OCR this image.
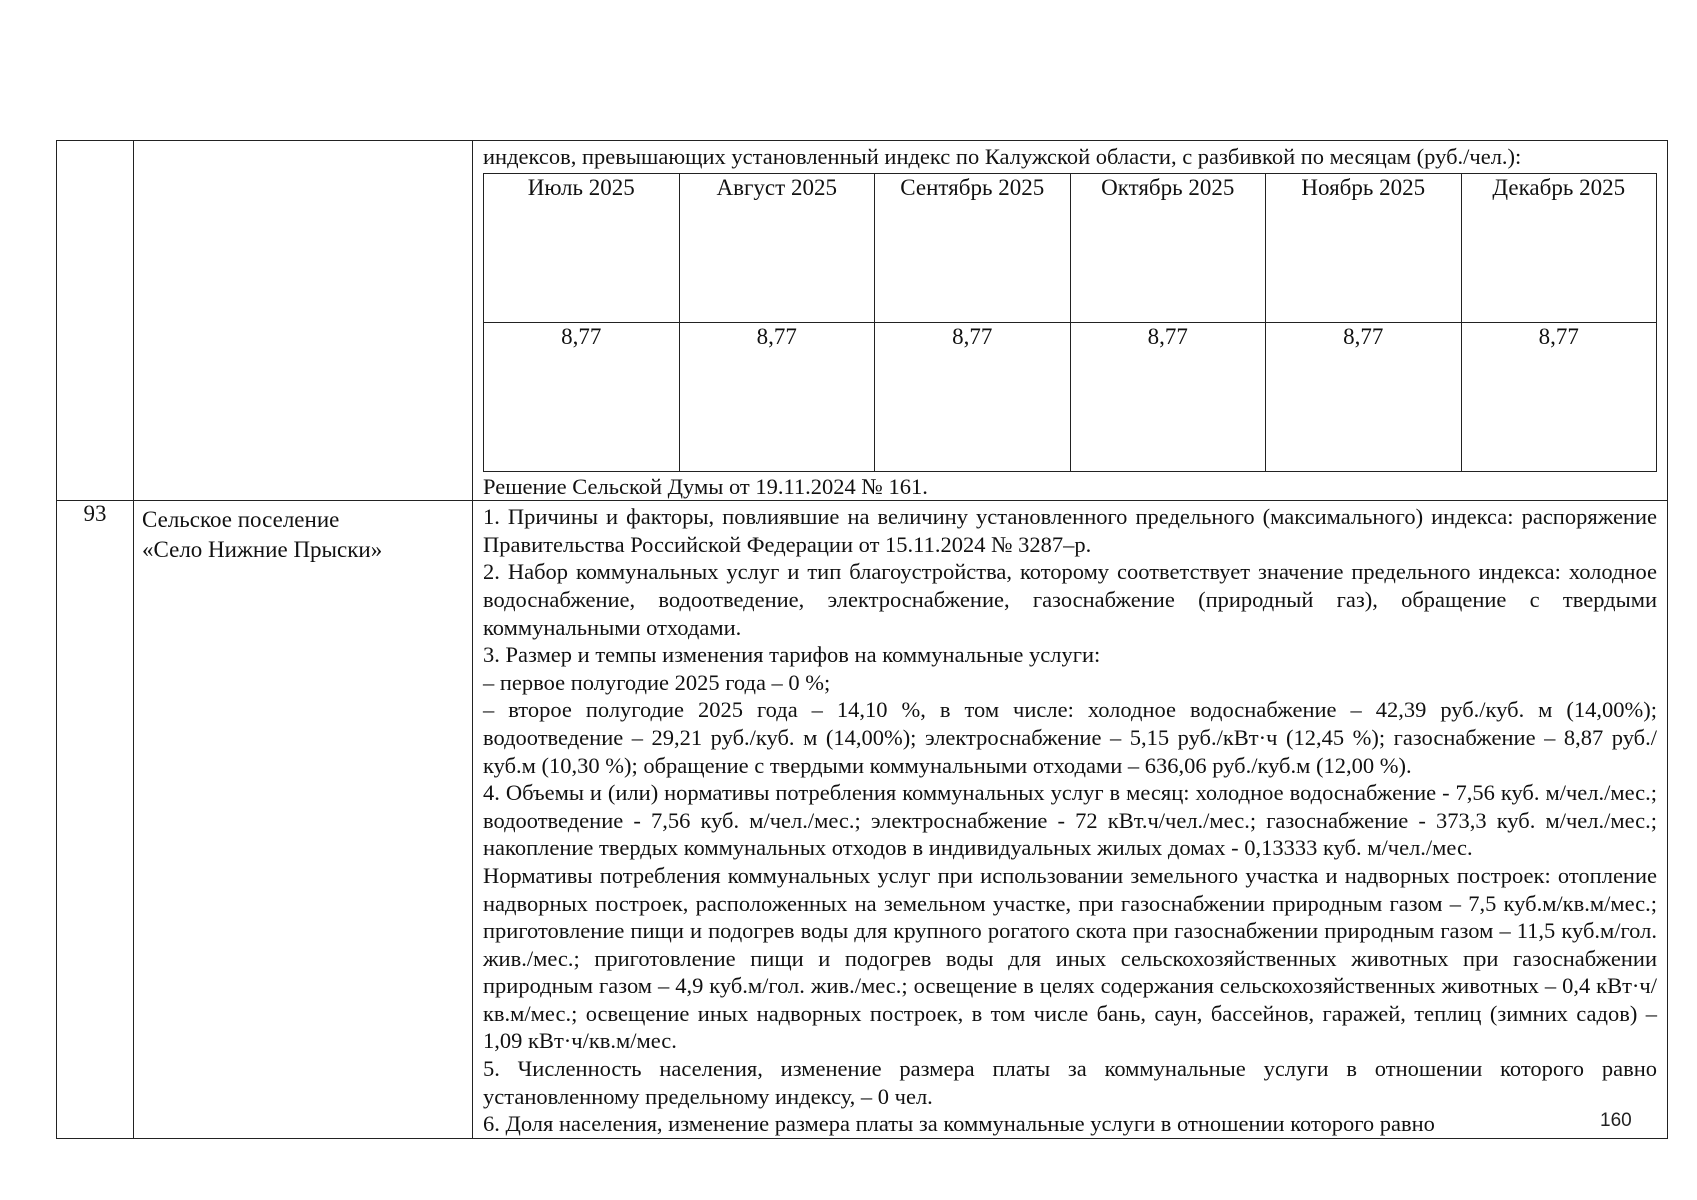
индексов, превышающих установленный индекс по Калужской области, с разбивкой по месяцам (руб./чел.):

Июль 2025	Август 2025	Сентябрь 2025	Октябрь 2025	Ноябрь 2025	Декабрь 2025
8,77	8,77	8,77	8,77	8,77	8,77

Решение Сельской Думы от 19.11.2024 № 161.

93	Сельское поселение
«Село Нижние Прыски»

1. Причины и факторы, повлиявшие на величину установленного предельного (максимального) индекса: распоряжение Правительства Российской Федерации от 15.11.2024 № 3287–р.

2. Набор коммунальных услуг и тип благоустройства, которому соответствует значение предельного индекса: холодное водоснабжение, водоотведение, электроснабжение, газоснабжение (природный газ), обращение с твердыми коммунальными отходами.

3. Размер и темпы изменения тарифов на коммунальные услуги:

– первое полугодие 2025 года – 0 %;

– второе полугодие 2025 года – 14,10 %, в том числе: холодное водоснабжение – 42,39 руб./куб. м (14,00%); водоотведение – 29,21 руб./куб. м (14,00%); электроснабжение – 5,15 руб./кВт·ч (12,45 %); газоснабжение – 8,87 руб./куб.м (10,30 %); обращение с твердыми коммунальными отходами – 636,06 руб./куб.м (12,00 %).

4. Объемы и (или) нормативы потребления коммунальных услуг в месяц: холодное водоснабжение - 7,56 куб. м/чел./мес.; водоотведение - 7,56 куб. м/чел./мес.; электроснабжение - 72 кВт.ч/чел./мес.; газоснабжение - 373,3 куб. м/чел./мес.; накопление твердых коммунальных отходов в индивидуальных жилых домах - 0,13333 куб. м/чел./мес.

Нормативы потребления коммунальных услуг при использовании земельного участка и надворных построек: отопление надворных построек, расположенных на земельном участке, при газоснабжении природным газом – 7,5 куб.м/кв.м/мес.; приготовление пищи и подогрев воды для крупного рогатого скота при газоснабжении природным газом – 11,5 куб.м/гол. жив./мес.; приготовление пищи и подогрев воды для иных сельскохозяйственных животных при газоснабжении природным газом – 4,9 куб.м/гол. жив./мес.; освещение в целях содержания сельскохозяйственных животных – 0,4 кВт·ч/кв.м/мес.; освещение иных надворных построек, в том числе бань, саун, бассейнов, гаражей, теплиц (зимних садов) – 1,09 кВт·ч/кв.м/мес.

5. Численность населения, изменение размера платы за коммунальные услуги в отношении которого равно установленному предельному индексу, – 0 чел.

6. Доля населения, изменение размера платы за коммунальные услуги в отношении которого равно	160
